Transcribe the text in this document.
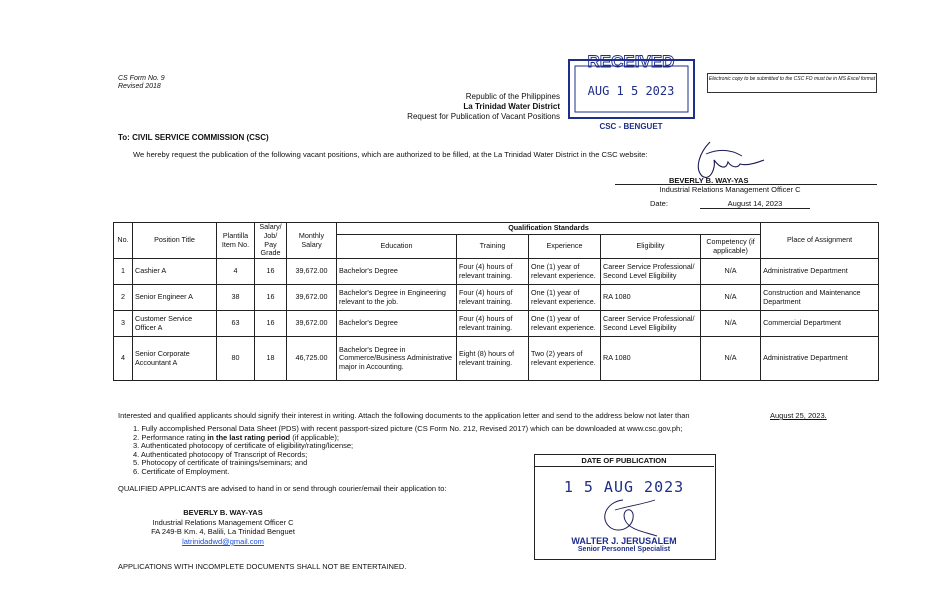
CS Form No. 9
Revised 2018
Electronic copy to be submitted to the CSC FO must be in MS Excel format
Republic of the Philippines
La Trinidad Water District
Request for Publication of Vacant Positions
RECEIVED
AUG 1 5 2023
CSC - BENGUET
To: CIVIL SERVICE COMMISSION (CSC)
We hereby request the publication of the following vacant positions, which are authorized to be filled, at the La Trinidad Water District in the CSC website:
BEVERLY B. WAY-YAS
Industrial Relations Management Officer C
Date:	August 14, 2023
No.	Position Title	Plantilla Item No.	Salary/ Job/ Pay Grade	Monthly Salary	Qualification Standards					Place of Assignment
					Education	Training	Experience	Eligibility	Competency (if applicable)	
1	Cashier A	4	16	39,672.00	Bachelor's Degree	Four (4) hours of relevant training.	One (1) year of relevant experience.	Career Service Professional/ Second Level Eligibility	N/A	Administrative Department
2	Senior Engineer A	38	16	39,672.00	Bachelor's Degree in Engineering relevant to the job.	Four (4) hours of relevant training.	One (1) year of relevant experience.	RA 1080	N/A	Construction and Maintenance Department
3	Customer Service Officer A	63	16	39,672.00	Bachelor's Degree	Four (4) hours of relevant training.	One (1) year of relevant experience.	Career Service Professional/ Second Level Eligibility	N/A	Commercial Department
4	Senior Corporate Accountant A	80	18	46,725.00	Bachelor's Degree in Commerce/Business Administrative major in Accounting.	Eight (8) hours of relevant training.	Two (2) years of relevant experience.	RA 1080	N/A	Administrative Department
Interested and qualified applicants should signify their interest in writing. Attach the following documents to the application letter and send to the address below not later than	August 25, 2023.
1. Fully accomplished Personal Data Sheet (PDS) with recent passport-sized picture (CS Form No. 212, Revised 2017) which can be downloaded at www.csc.gov.ph;
2. Performance rating in the last rating period (if applicable);
3. Authenticated photocopy of certificate of eligibility/rating/license;
4. Authenticated photocopy of Transcript of Records;
5. Photocopy of certificate of trainings/seminars; and
6. Certificate of Employment.
QUALIFIED APPLICANTS are advised to hand in or send through courier/email their application to:
BEVERLY B. WAY-YAS
Industrial Relations Management Officer C
FA 249-B Km. 4, Balili, La Trinidad Benguet
latrinidadwd@gmail.com
APPLICATIONS WITH INCOMPLETE DOCUMENTS SHALL NOT BE ENTERTAINED.
DATE OF PUBLICATION
1 5 AUG 2023
WALTER J. JERUSALEM
Senior Personnel Specialist
